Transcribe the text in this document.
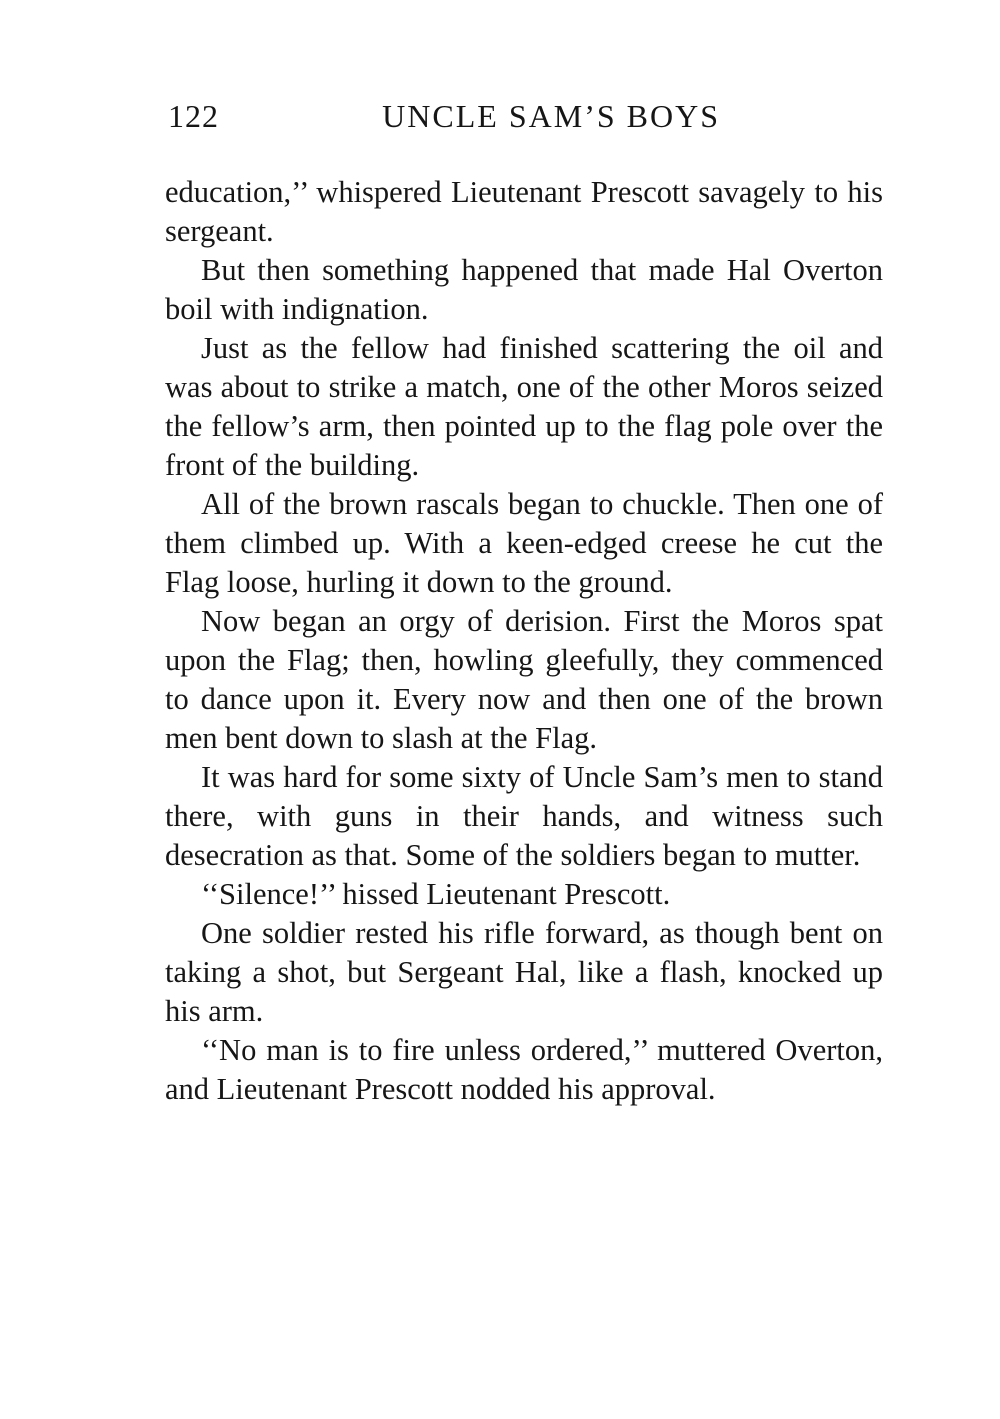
122	UNCLE SAM’S BOYS

education,’’ whispered Lieutenant Prescott savagely to his sergeant.

But then something happened that made Hal Overton boil with indignation.

Just as the fellow had finished scattering the oil and was about to strike a match, one of the other Moros seized the fellow’s arm, then pointed up to the flag pole over the front of the building.

All of the brown rascals began to chuckle. Then one of them climbed up. With a keen-edged creese he cut the Flag loose, hurling it down to the ground.

Now began an orgy of derision. First the Moros spat upon the Flag; then, howling gleefully, they commenced to dance upon it. Every now and then one of the brown men bent down to slash at the Flag.

It was hard for some sixty of Uncle Sam’s men to stand there, with guns in their hands, and witness such desecration as that. Some of the soldiers began to mutter.

‘‘Silence!’’ hissed Lieutenant Prescott.

One soldier rested his rifle forward, as though bent on taking a shot, but Sergeant Hal, like a flash, knocked up his arm.

‘‘No man is to fire unless ordered,’’ muttered Overton, and Lieutenant Prescott nodded his approval.
